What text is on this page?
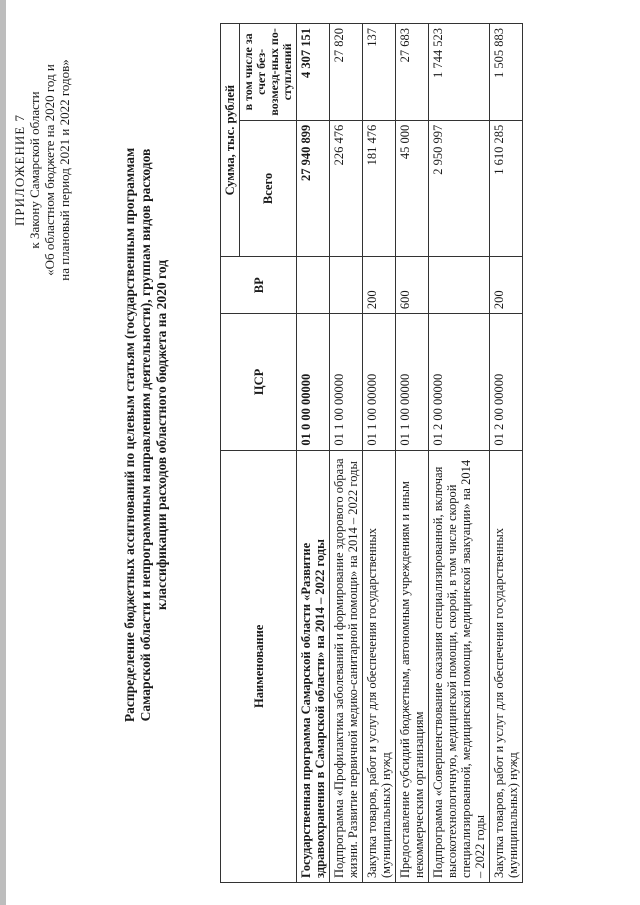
ПРИЛОЖЕНИЕ 7 к Закону Самарской области «Об областном бюджете на 2020 год и на плановый период 2021 и 2022 годов»	Распределение бюджетных ассигнований по целевым статьям (государственным программам Самарской области и непрограммным направлениям деятельности), группам видов расходов классификации расходов областного бюджета на 2020 год
Наименование	ЦСР	ВР	Сумма, тыс. рублей	
			Всего	в том числе за счет без-возмезд-ных по-ступлений
Государственная программа Самарской области «Развитие здравоохранения в Самарской области» на 2014 – 2022 годы	01 0 00 00000		27 940 899	4 307 151
Подпрограмма «Профилактика заболеваний и формирование здорового образа жизни. Развитие первичной медико-санитарной помощи» на 2014 – 2022 годы	01 1 00 00000		226 476	27 820
Закупка товаров, работ и услуг для обеспечения государственных (муниципальных) нужд	01 1 00 00000	200	181 476	137
Предоставление субсидий бюджетным, автономным учреждениям и иным некоммерческим организациям	01 1 00 00000	600	45 000	27 683
Подпрограмма «Совершенствование оказания специализированной, включая высокотехнологичную, медицинской помощи, скорой, в том числе скорой специализированной, медицинской помощи, медицинской эвакуации» на 2014 – 2022 годы	01 2 00 00000		2 950 997	1 744 523
Закупка товаров, работ и услуг для обеспечения государственных (муниципальных) нужд	01 2 00 00000	200	1 610 285	1 505 883
